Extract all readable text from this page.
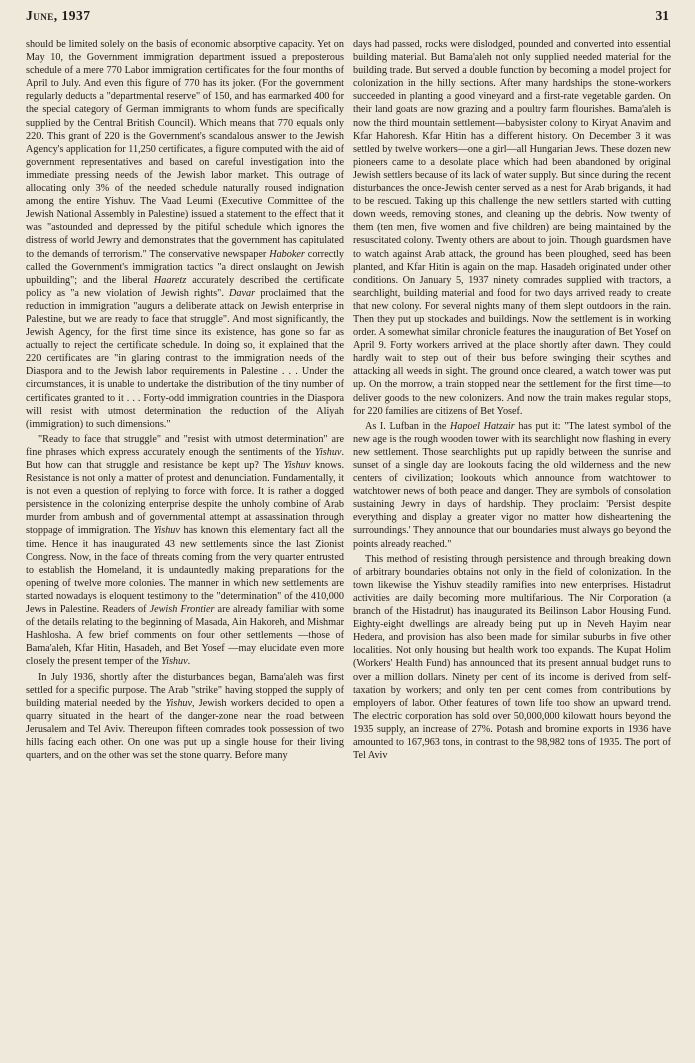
June, 1937	31

should be limited solely on the basis of economic absorptive capacity. Yet on May 10, the Government immigration department issued a preposterous schedule of a mere 770 Labor immigration certificates for the four months of April to July. And even this figure of 770 has its joker. (For the government regularly deducts a "departmental reserve" of 150, and has earmarked 400 for the special category of German immigrants to whom funds are specifically supplied by the Central British Council). Which means that 770 equals only 220. This grant of 220 is the Government's scandalous answer to the Jewish Agency's application for 11,250 certificates, a figure computed with the aid of government representatives and based on careful investigation into the immediate pressing needs of the Jewish labor market. This outrage of allocating only 3% of the needed schedule naturally roused indignation among the entire Yishuv. The Vaad Leumi (Executive Committee of the Jewish National Assembly in Palestine) issued a statement to the effect that it was "astounded and depressed by the pitiful schedule which ignores the distress of world Jewry and demonstrates that the government has capitulated to the demands of terrorism." The conservative newspaper Haboker correctly called the Government's immigration tactics "a direct onslaught on Jewish upbuilding"; and the liberal Haaretz accurately described the certificate policy as "a new violation of Jewish rights". Davar proclaimed that the reduction in immigration "augurs a deliberate attack on Jewish enterprise in Palestine, but we are ready to face that struggle". And most significantly, the Jewish Agency, for the first time since its existence, has gone so far as actually to reject the certificate schedule. In doing so, it explained that the 220 certificates are "in glaring contrast to the immigration needs of the Diaspora and to the Jewish labor requirements in Palestine . . . Under the circumstances, it is unable to undertake the distribution of the tiny number of certificates granted to it . . . Forty-odd immigration countries in the Diaspora will resist with utmost determination the reduction of the Aliyah (immigration) to such dimensions."

"Ready to face that struggle" and "resist with utmost determination" are fine phrases which express accurately enough the sentiments of the Yishuv. But how can that struggle and resistance be kept up? The Yishuv knows. Resistance is not only a matter of protest and denunciation. Fundamentally, it is not even a question of replying to force with force. It is rather a dogged persistence in the colonizing enterprise despite the unholy combine of Arab murder from ambush and of governmental attempt at assassination through stoppage of immigration. The Yishuv has known this elementary fact all the time. Hence it has inaugurated 43 new settlements since the last Zionist Congress. Now, in the face of threats coming from the very quarter entrusted to establish the Homeland, it is undauntedly making preparations for the opening of twelve more colonies. The manner in which new settlements are started nowadays is eloquent testimony to the "determination" of the 410,000 Jews in Palestine. Readers of Jewish Frontier are already familiar with some of the details relating to the beginning of Masada, Ain Hakoreh, and Mishmar Hashlosha. A few brief comments on four other settlements —those of Bama'aleh, Kfar Hitin, Hasadeh, and Bet Yosef —may elucidate even more closely the present temper of the Yishuv.

In July 1936, shortly after the disturbances began, Bama'aleh was first settled for a specific purpose. The Arab "strike" having stopped the supply of building material needed by the Yishuv, Jewish workers decided to open a quarry situated in the heart of the danger-zone near the road between Jerusalem and Tel Aviv. Thereupon fifteen comrades took possession of two hills facing each other. On one was put up a single house for their living quarters, and on the other was set the stone quarry. Before many

days had passed, rocks were dislodged, pounded and converted into essential building material. But Bama'aleh not only supplied needed material for the building trade. But served a double function by becoming a model project for colonization in the hilly sections. After many hardships the stone-workers succeeded in planting a good vineyard and a first-rate vegetable garden. On their land goats are now grazing and a poultry farm flourishes. Bama'aleh is now the third mountain settlement—babysister colony to Kiryat Anavim and Kfar Hahoresh. Kfar Hitin has a different history. On December 3 it was settled by twelve workers—one a girl—all Hungarian Jews. These dozen new pioneers came to a desolate place which had been abandoned by original Jewish settlers because of its lack of water supply. But since during the recent disturbances the once-Jewish center served as a nest for Arab brigands, it had to be rescued. Taking up this challenge the new settlers started with cutting down weeds, removing stones, and cleaning up the debris. Now twenty of them (ten men, five women and five children) are being maintained by the resuscitated colony. Twenty others are about to join. Though guardsmen have to watch against Arab attack, the ground has been ploughed, seed has been planted, and Kfar Hitin is again on the map. Hasadeh originated under other conditions. On January 5, 1937 ninety comrades supplied with tractors, a searchlight, building material and food for two days arrived ready to create that new colony. For several nights many of them slept outdoors in the rain. Then they put up stockades and buildings. Now the settlement is in working order. A somewhat similar chronicle features the inauguration of Bet Yosef on April 9. Forty workers arrived at the place shortly after dawn. They could hardly wait to step out of their bus before swinging their scythes and attacking all weeds in sight. The ground once cleared, a watch tower was put up. On the morrow, a train stopped near the settlement for the first time—to deliver goods to the new colonizers. And now the train makes regular stops, for 220 families are citizens of Bet Yosef.

As I. Lufban in the Hapoel Hatzair has put it: "The latest symbol of the new age is the rough wooden tower with its searchlight now flashing in every new settlement. Those searchlights put up rapidly between the sunrise and sunset of a single day are lookouts facing the old wilderness and the new centers of civilization; lookouts which announce from watchtower to watchtower news of both peace and danger. They are symbols of consolation sustaining Jewry in days of hardship. They proclaim: 'Persist despite everything and display a greater vigor no matter how disheartening the surroundings.' They announce that our boundaries must always go beyond the points already reached."

This method of resisting through persistence and through breaking down of arbitrary boundaries obtains not only in the field of colonization. In the town likewise the Yishuv steadily ramifies into new enterprises. Histadrut activities are daily becoming more multifarious. The Nir Corporation (a branch of the Histadrut) has inaugurated its Beilinson Labor Housing Fund. Eighty-eight dwellings are already being put up in Neveh Hayim near Hedera, and provision has also been made for similar suburbs in five other localities. Not only housing but health work too expands. The Kupat Holim (Workers' Health Fund) has announced that its present annual budget runs to over a million dollars. Ninety per cent of its income is derived from self-taxation by workers; and only ten per cent comes from contributions by employers of labor. Other features of town life too show an upward trend. The electric corporation has sold over 50,000,000 kilowatt hours beyond the 1935 supply, an increase of 27%. Potash and bromine exports in 1936 have amounted to 167,963 tons, in contrast to the 98,982 tons of 1935. The port of Tel Aviv
